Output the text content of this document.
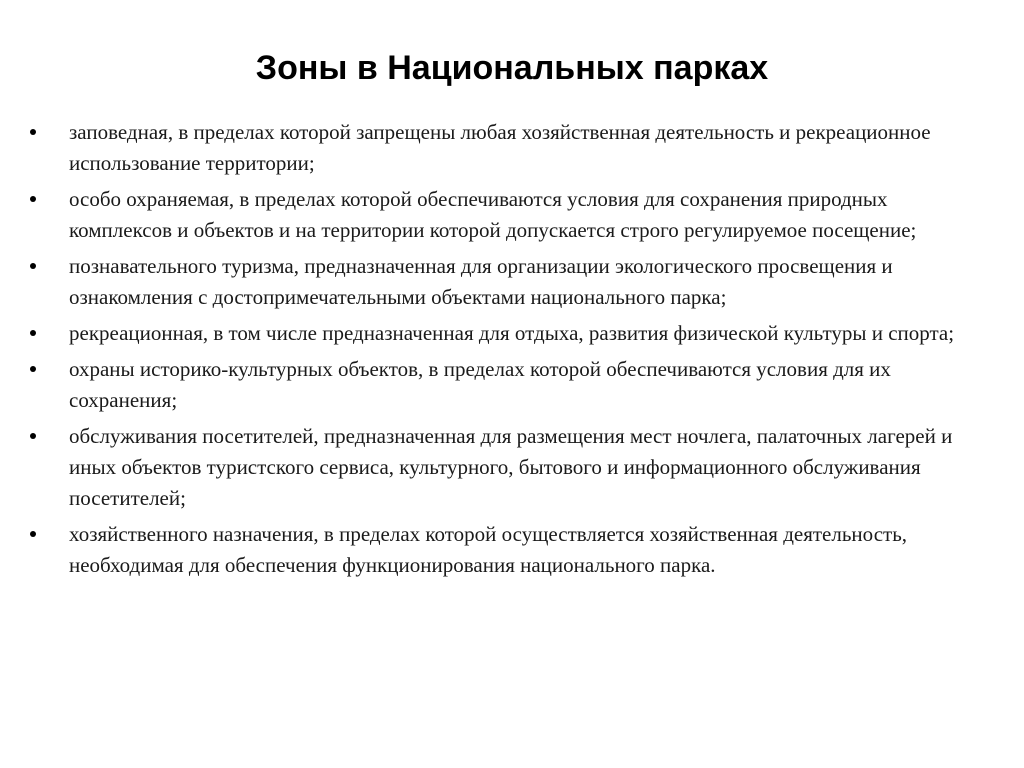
Зоны в Национальных парках
заповедная, в пределах которой запрещены любая хозяйственная деятельность и рекреационное использование территории;
особо охраняемая, в пределах которой обеспечиваются условия для сохранения природных комплексов и объектов и на территории которой допускается строго регулируемое посещение;
познавательного туризма, предназначенная для организации экологического просвещения и ознакомления с достопримечательными объектами национального парка;
рекреационная, в том числе предназначенная для отдыха, развития физической культуры и спорта;
охраны историко-культурных объектов, в пределах которой обеспечиваются условия для их сохранения;
обслуживания посетителей, предназначенная для размещения мест ночлега, палаточных лагерей и иных объектов туристского сервиса, культурного, бытового и информационного обслуживания посетителей;
хозяйственного назначения, в пределах которой осуществляется хозяйственная деятельность, необходимая для обеспечения функционирования национального парка.
